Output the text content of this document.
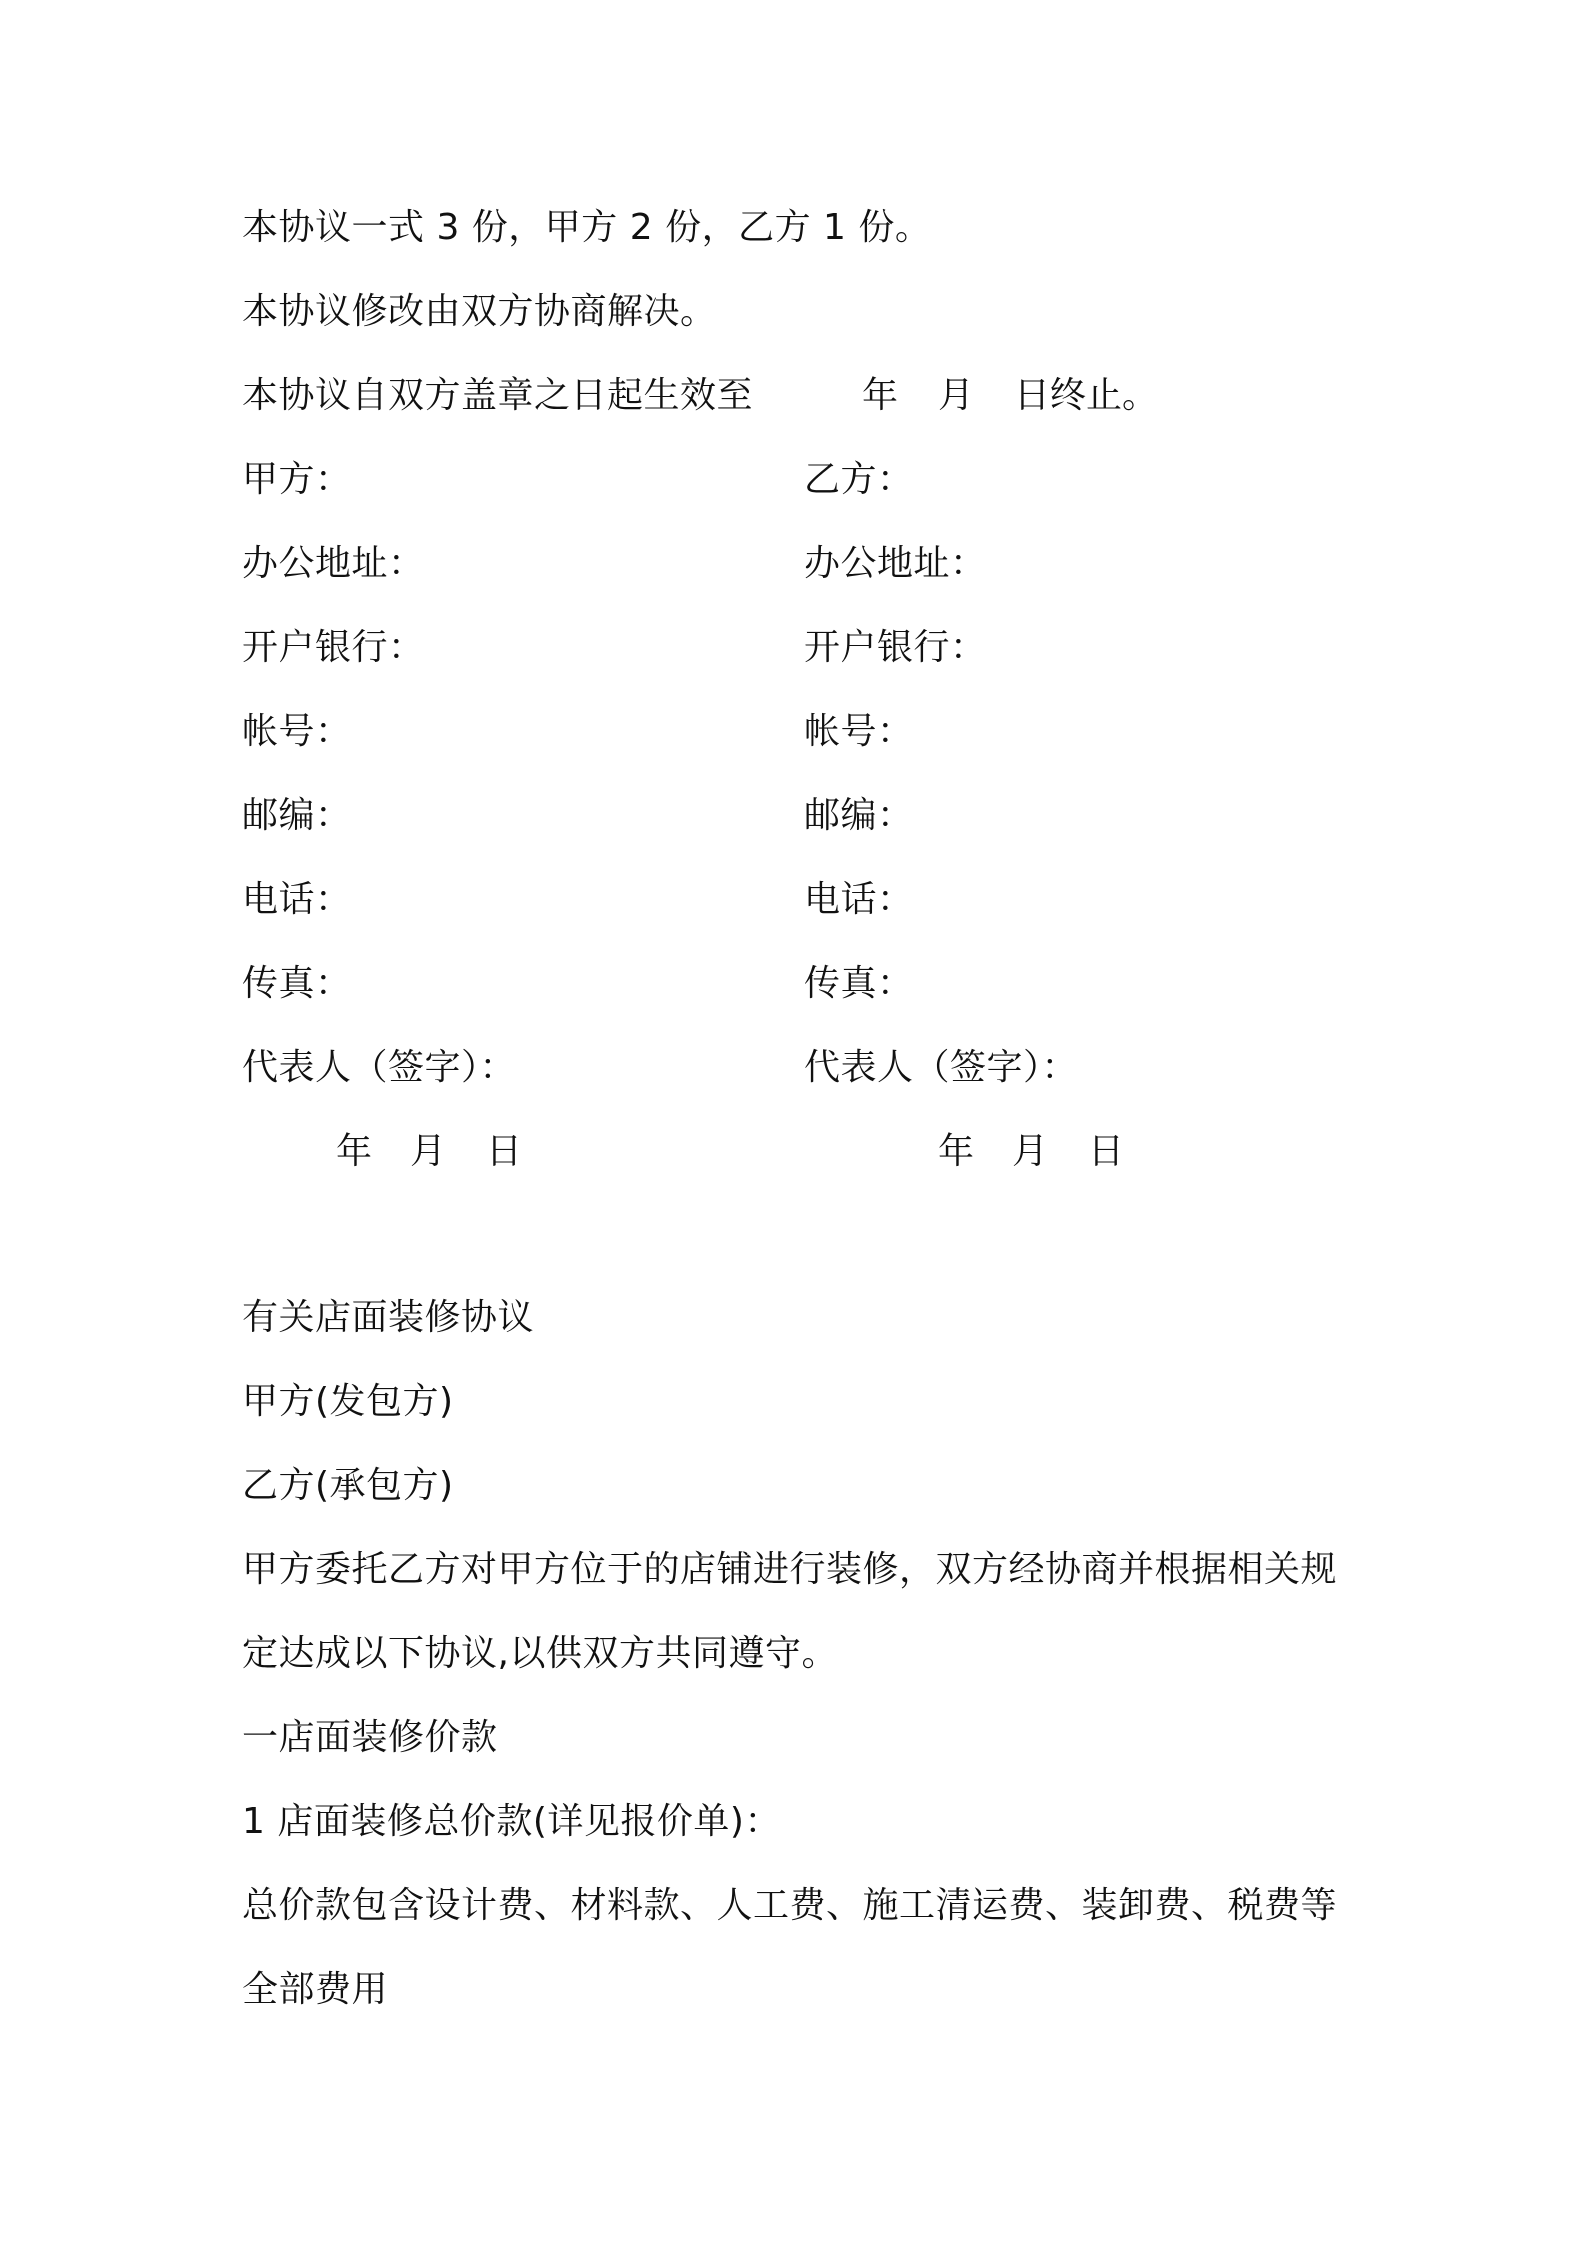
本协议一式 3 份，甲方 2 份，乙方 1 份。
本协议修改由双方协商解决。
本协议自双方盖章之日起生效至	年 月 日终止。
甲方：
办公地址：
开户银行：
帐号：
邮编：
电话：
传真：
代表人（签字）：
年 月 日
乙方：
办公地址：
开户银行：
帐号：
邮编：
电话：
传真：
代表人（签字）：
年 月 日
有关店面装修协议
甲方(发包方)
乙方(承包方)
甲方委托乙方对甲方位于的店铺进行装修，双方经协商并根据相关规
定达成以下协议,以供双方共同遵守。
一店面装修价款
1 店面装修总价款(详见报价单)：
总价款包含设计费、材料款、人工费、施工清运费、装卸费、税费等
全部费用
